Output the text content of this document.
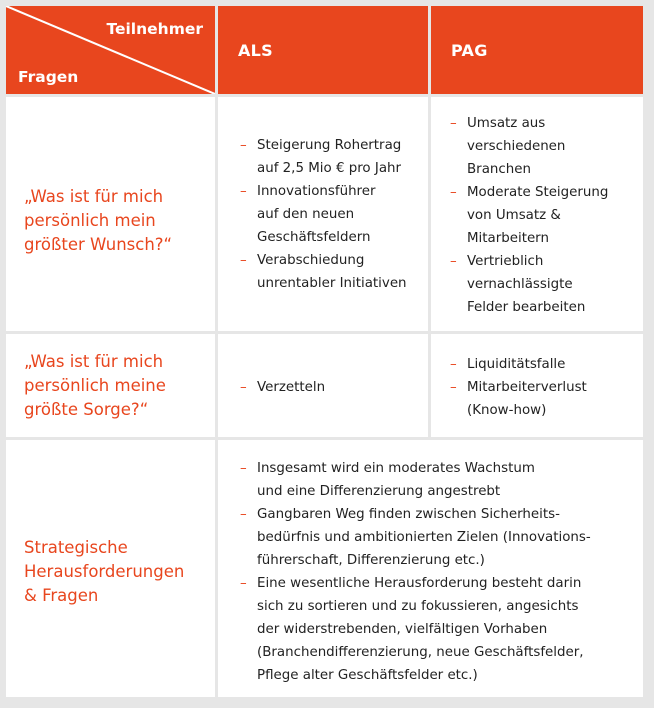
Teilnehmer
Fragen
ALS	PAG
„Was ist für mich
persönlich mein
größter Wunsch?“
– Steigerung Rohertrag
auf 2,5 Mio € pro Jahr
– Innovationsführer
auf den neuen
Geschäftsfeldern
– Verabschiedung
unrentabler Initiativen
– Umsatz aus
verschiedenen
Branchen
– Moderate Steigerung
von Umsatz &
Mitarbeitern
– Vertrieblich
vernachlässigte
Felder bearbeiten
„Was ist für mich
persönlich meine
größte Sorge?“
– Verzetteln
– Liquiditätsfalle
– Mitarbeiterverlust
(Know-how)
Strategische
Herausforderungen
& Fragen
– Insgesamt wird ein moderates Wachstum
und eine Differenzierung angestrebt
– Gangbaren Weg finden zwischen Sicherheits-
bedürfnis und ambitionierten Zielen (Innovations-
führerschaft, Differenzierung etc.)
– Eine wesentliche Herausforderung besteht darin
sich zu sortieren und zu fokussieren, angesichts
der widerstrebenden, vielfältigen Vorhaben
(Branchendifferenzierung, neue Geschäftsfelder,
Pflege alter Geschäftsfelder etc.)
